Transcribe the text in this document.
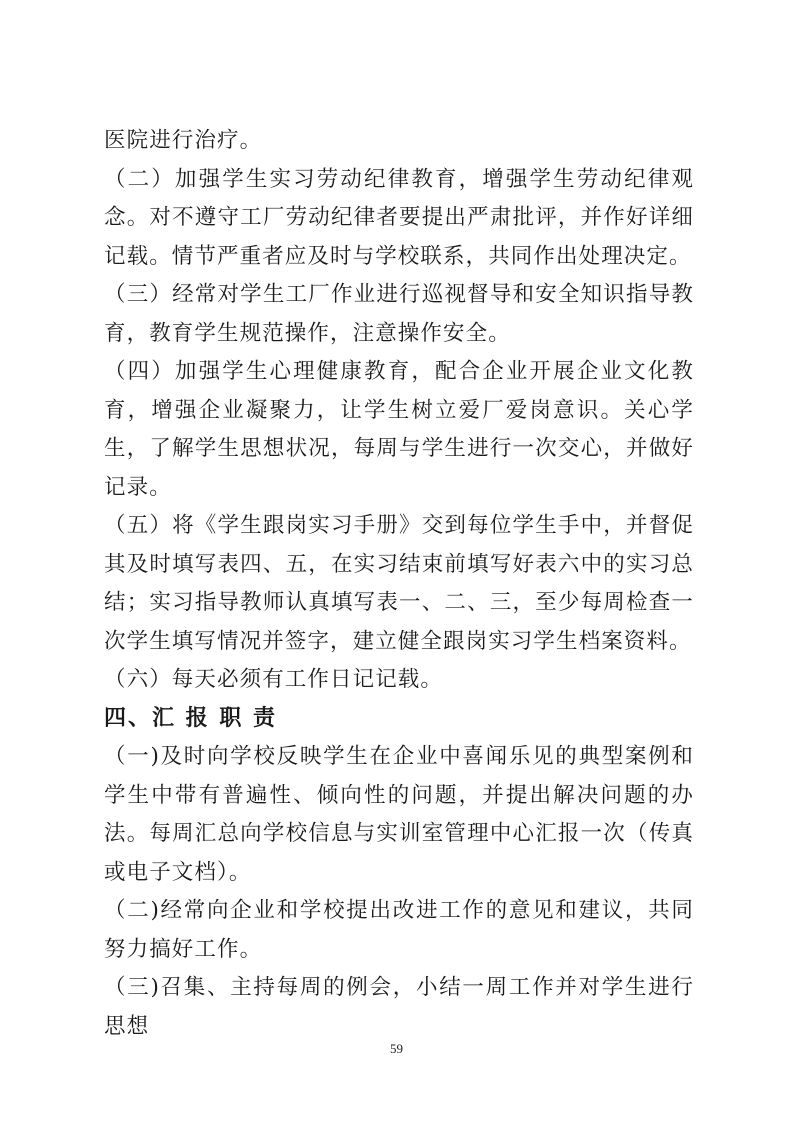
医院进行治疗。

（二）加强学生实习劳动纪律教育，增强学生劳动纪律观念。对不遵守工厂劳动纪律者要提出严肃批评，并作好详细记载。情节严重者应及时与学校联系，共同作出处理决定。

（三）经常对学生工厂作业进行巡视督导和安全知识指导教育，教育学生规范操作，注意操作安全。

（四）加强学生心理健康教育，配合企业开展企业文化教育，增强企业凝聚力，让学生树立爱厂爱岗意识。关心学生，了解学生思想状况，每周与学生进行一次交心，并做好记录。

（五）将《学生跟岗实习手册》交到每位学生手中，并督促其及时填写表四、五，在实习结束前填写好表六中的实习总结；实习指导教师认真填写表一、二、三，至少每周检查一次学生填写情况并签字，建立健全跟岗实习学生档案资料。

（六）每天必须有工作日记记载。

四、汇 报 职 责

（一)及时向学校反映学生在企业中喜闻乐见的典型案例和学生中带有普遍性、倾向性的问题，并提出解决问题的办法。每周汇总向学校信息与实训室管理中心汇报一次（传真或电子文档）。

（二)经常向企业和学校提出改进工作的意见和建议，共同努力搞好工作。

（三)召集、主持每周的例会，小结一周工作并对学生进行思想

59
